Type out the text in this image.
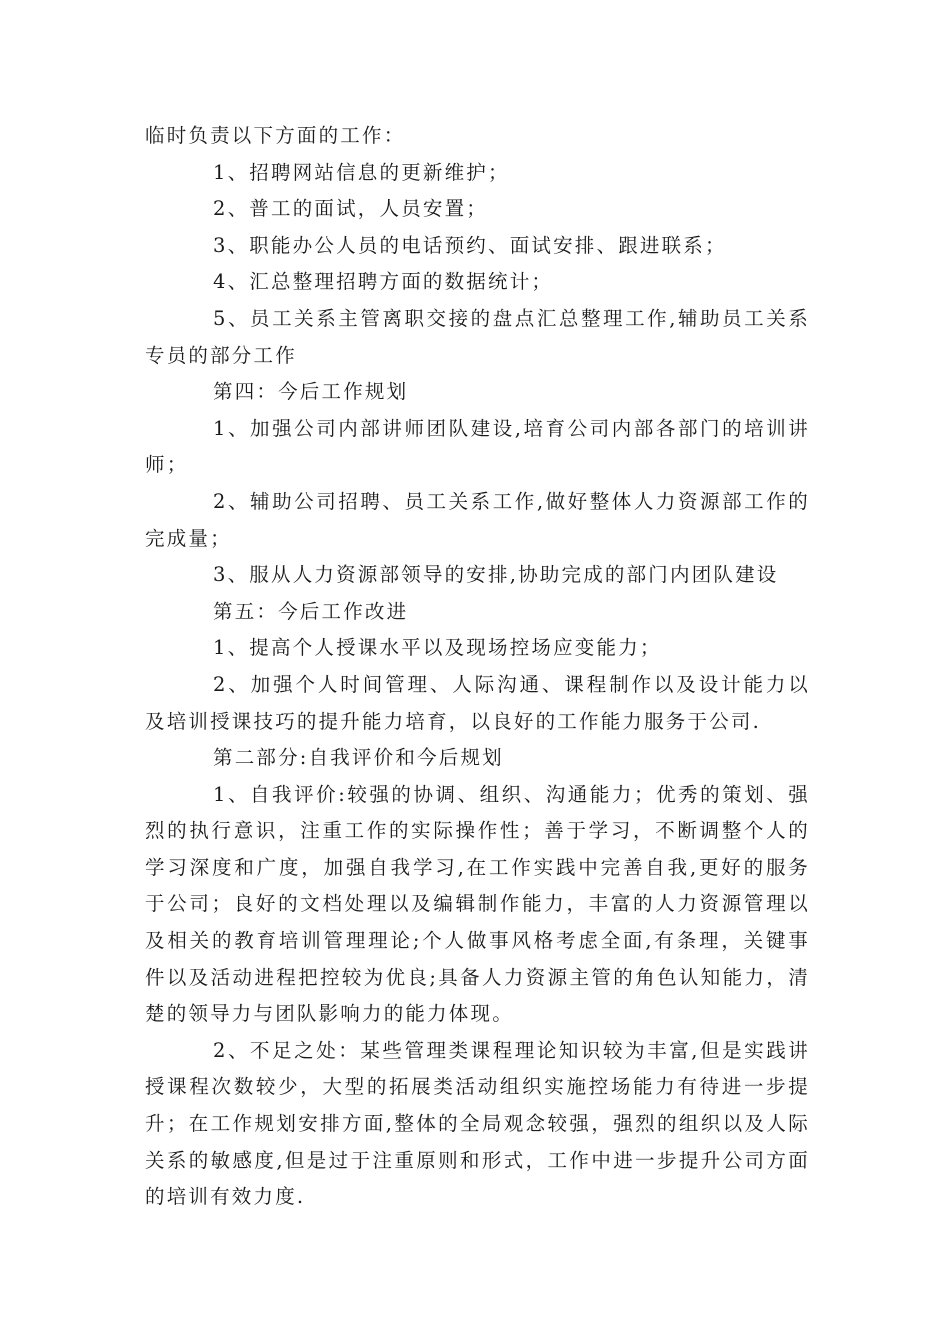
临时负责以下方面的工作：

1、招聘网站信息的更新维护；

2、普工的面试，人员安置；

3、职能办公人员的电话预约、面试安排、跟进联系；

4、汇总整理招聘方面的数据统计；

5、员工关系主管离职交接的盘点汇总整理工作,辅助员工关系专员的部分工作

第四：今后工作规划

1、加强公司内部讲师团队建设,培育公司内部各部门的培训讲师；

2、辅助公司招聘、员工关系工作,做好整体人力资源部工作的完成量；

3、服从人力资源部领导的安排,协助完成的部门内团队建设

第五：今后工作改进

1、提高个人授课水平以及现场控场应变能力；

2、加强个人时间管理、人际沟通、课程制作以及设计能力以及培训授课技巧的提升能力培育，以良好的工作能力服务于公司.

第二部分:自我评价和今后规划

1、自我评价:较强的协调、组织、沟通能力；优秀的策划、强烈的执行意识，注重工作的实际操作性；善于学习，不断调整个人的学习深度和广度，加强自我学习,在工作实践中完善自我,更好的服务于公司；良好的文档处理以及编辑制作能力，丰富的人力资源管理以及相关的教育培训管理理论;个人做事风格考虑全面,有条理，关键事件以及活动进程把控较为优良;具备人力资源主管的角色认知能力，清楚的领导力与团队影响力的能力体现。

2、不足之处：某些管理类课程理论知识较为丰富,但是实践讲授课程次数较少，大型的拓展类活动组织实施控场能力有待进一步提升；在工作规划安排方面,整体的全局观念较强，强烈的组织以及人际关系的敏感度,但是过于注重原则和形式，工作中进一步提升公司方面的培训有效力度.
